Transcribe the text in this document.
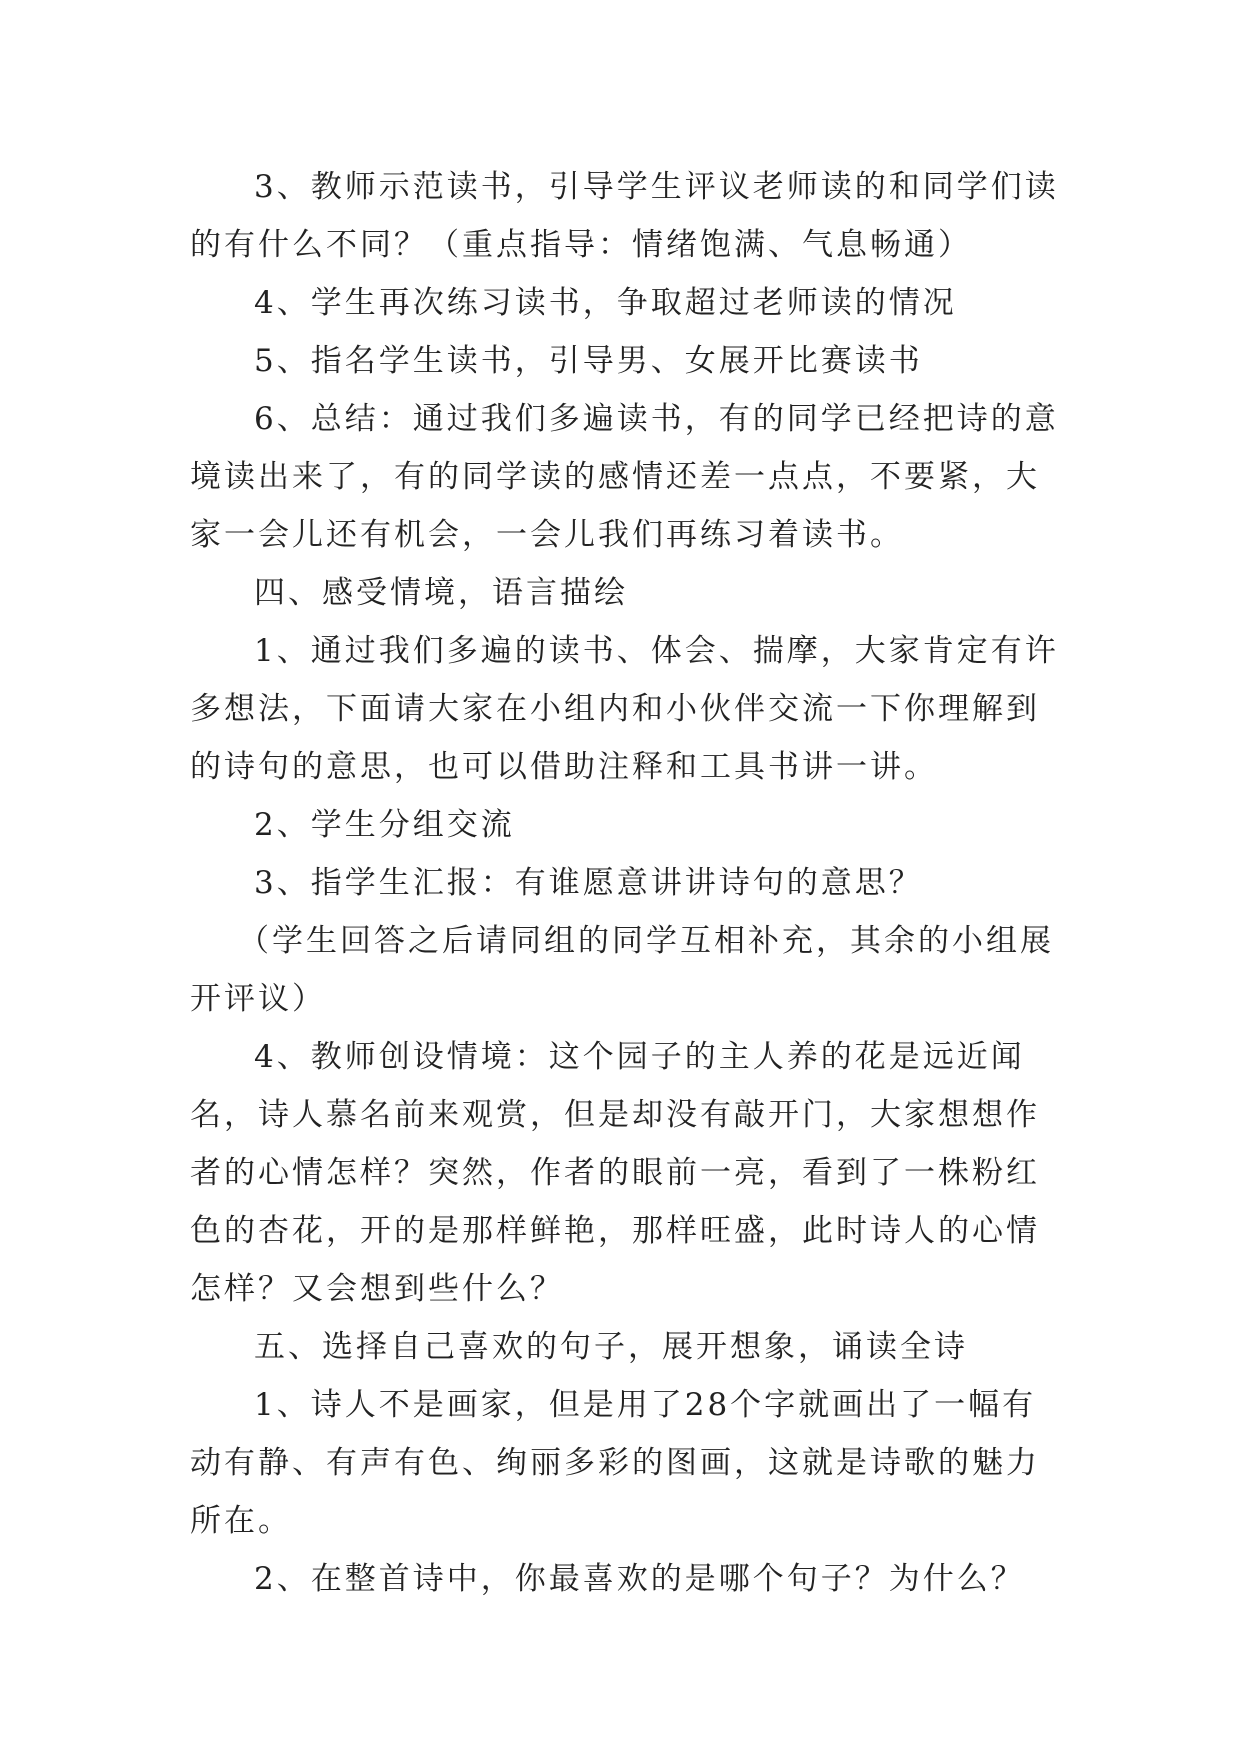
3、教师示范读书，引导学生评议老师读的和同学们读的有什么不同？（重点指导：情绪饱满、气息畅通）

4、学生再次练习读书，争取超过老师读的情况

5、指名学生读书，引导男、女展开比赛读书

6、总结：通过我们多遍读书，有的同学已经把诗的意境读出来了，有的同学读的感情还差一点点，不要紧，大家一会儿还有机会，一会儿我们再练习着读书。

四、感受情境，语言描绘

1、通过我们多遍的读书、体会、揣摩，大家肯定有许多想法，下面请大家在小组内和小伙伴交流一下你理解到的诗句的意思，也可以借助注释和工具书讲一讲。

2、学生分组交流

3、指学生汇报：有谁愿意讲讲诗句的意思？

（学生回答之后请同组的同学互相补充，其余的小组展开评议）

4、教师创设情境：这个园子的主人养的花是远近闻名，诗人慕名前来观赏，但是却没有敲开门，大家想想作者的心情怎样？突然，作者的眼前一亮，看到了一株粉红色的杏花，开的是那样鲜艳，那样旺盛，此时诗人的心情怎样？又会想到些什么？

五、选择自己喜欢的句子，展开想象，诵读全诗

1、诗人不是画家，但是用了28个字就画出了一幅有动有静、有声有色、绚丽多彩的图画，这就是诗歌的魅力所在。

2、在整首诗中，你最喜欢的是哪个句子？为什么？
